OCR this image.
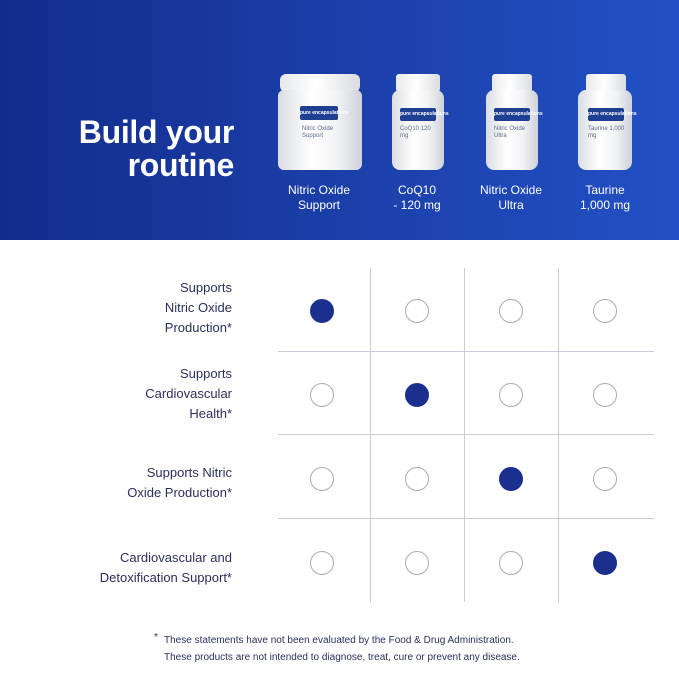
Build your
routine
pure encapsulations
Nitric Oxide Support
Nitric Oxide
Support
pure encapsulations
CoQ10 120 mg
CoQ10
- 120 mg
pure encapsulations
Nitric Oxide Ultra
Nitric Oxide
Ultra
pure encapsulations
Taurine 1,000 mg
Taurine
1,000 mg
Supports
Nitric Oxide
Production*
Supports
Cardiovascular
Health*
Supports Nitric
Oxide Production*
Cardiovascular and
Detoxification Support*

* These statements have not been evaluated by the Food & Drug Administration.
These products are not intended to diagnose, treat, cure or prevent any disease.
